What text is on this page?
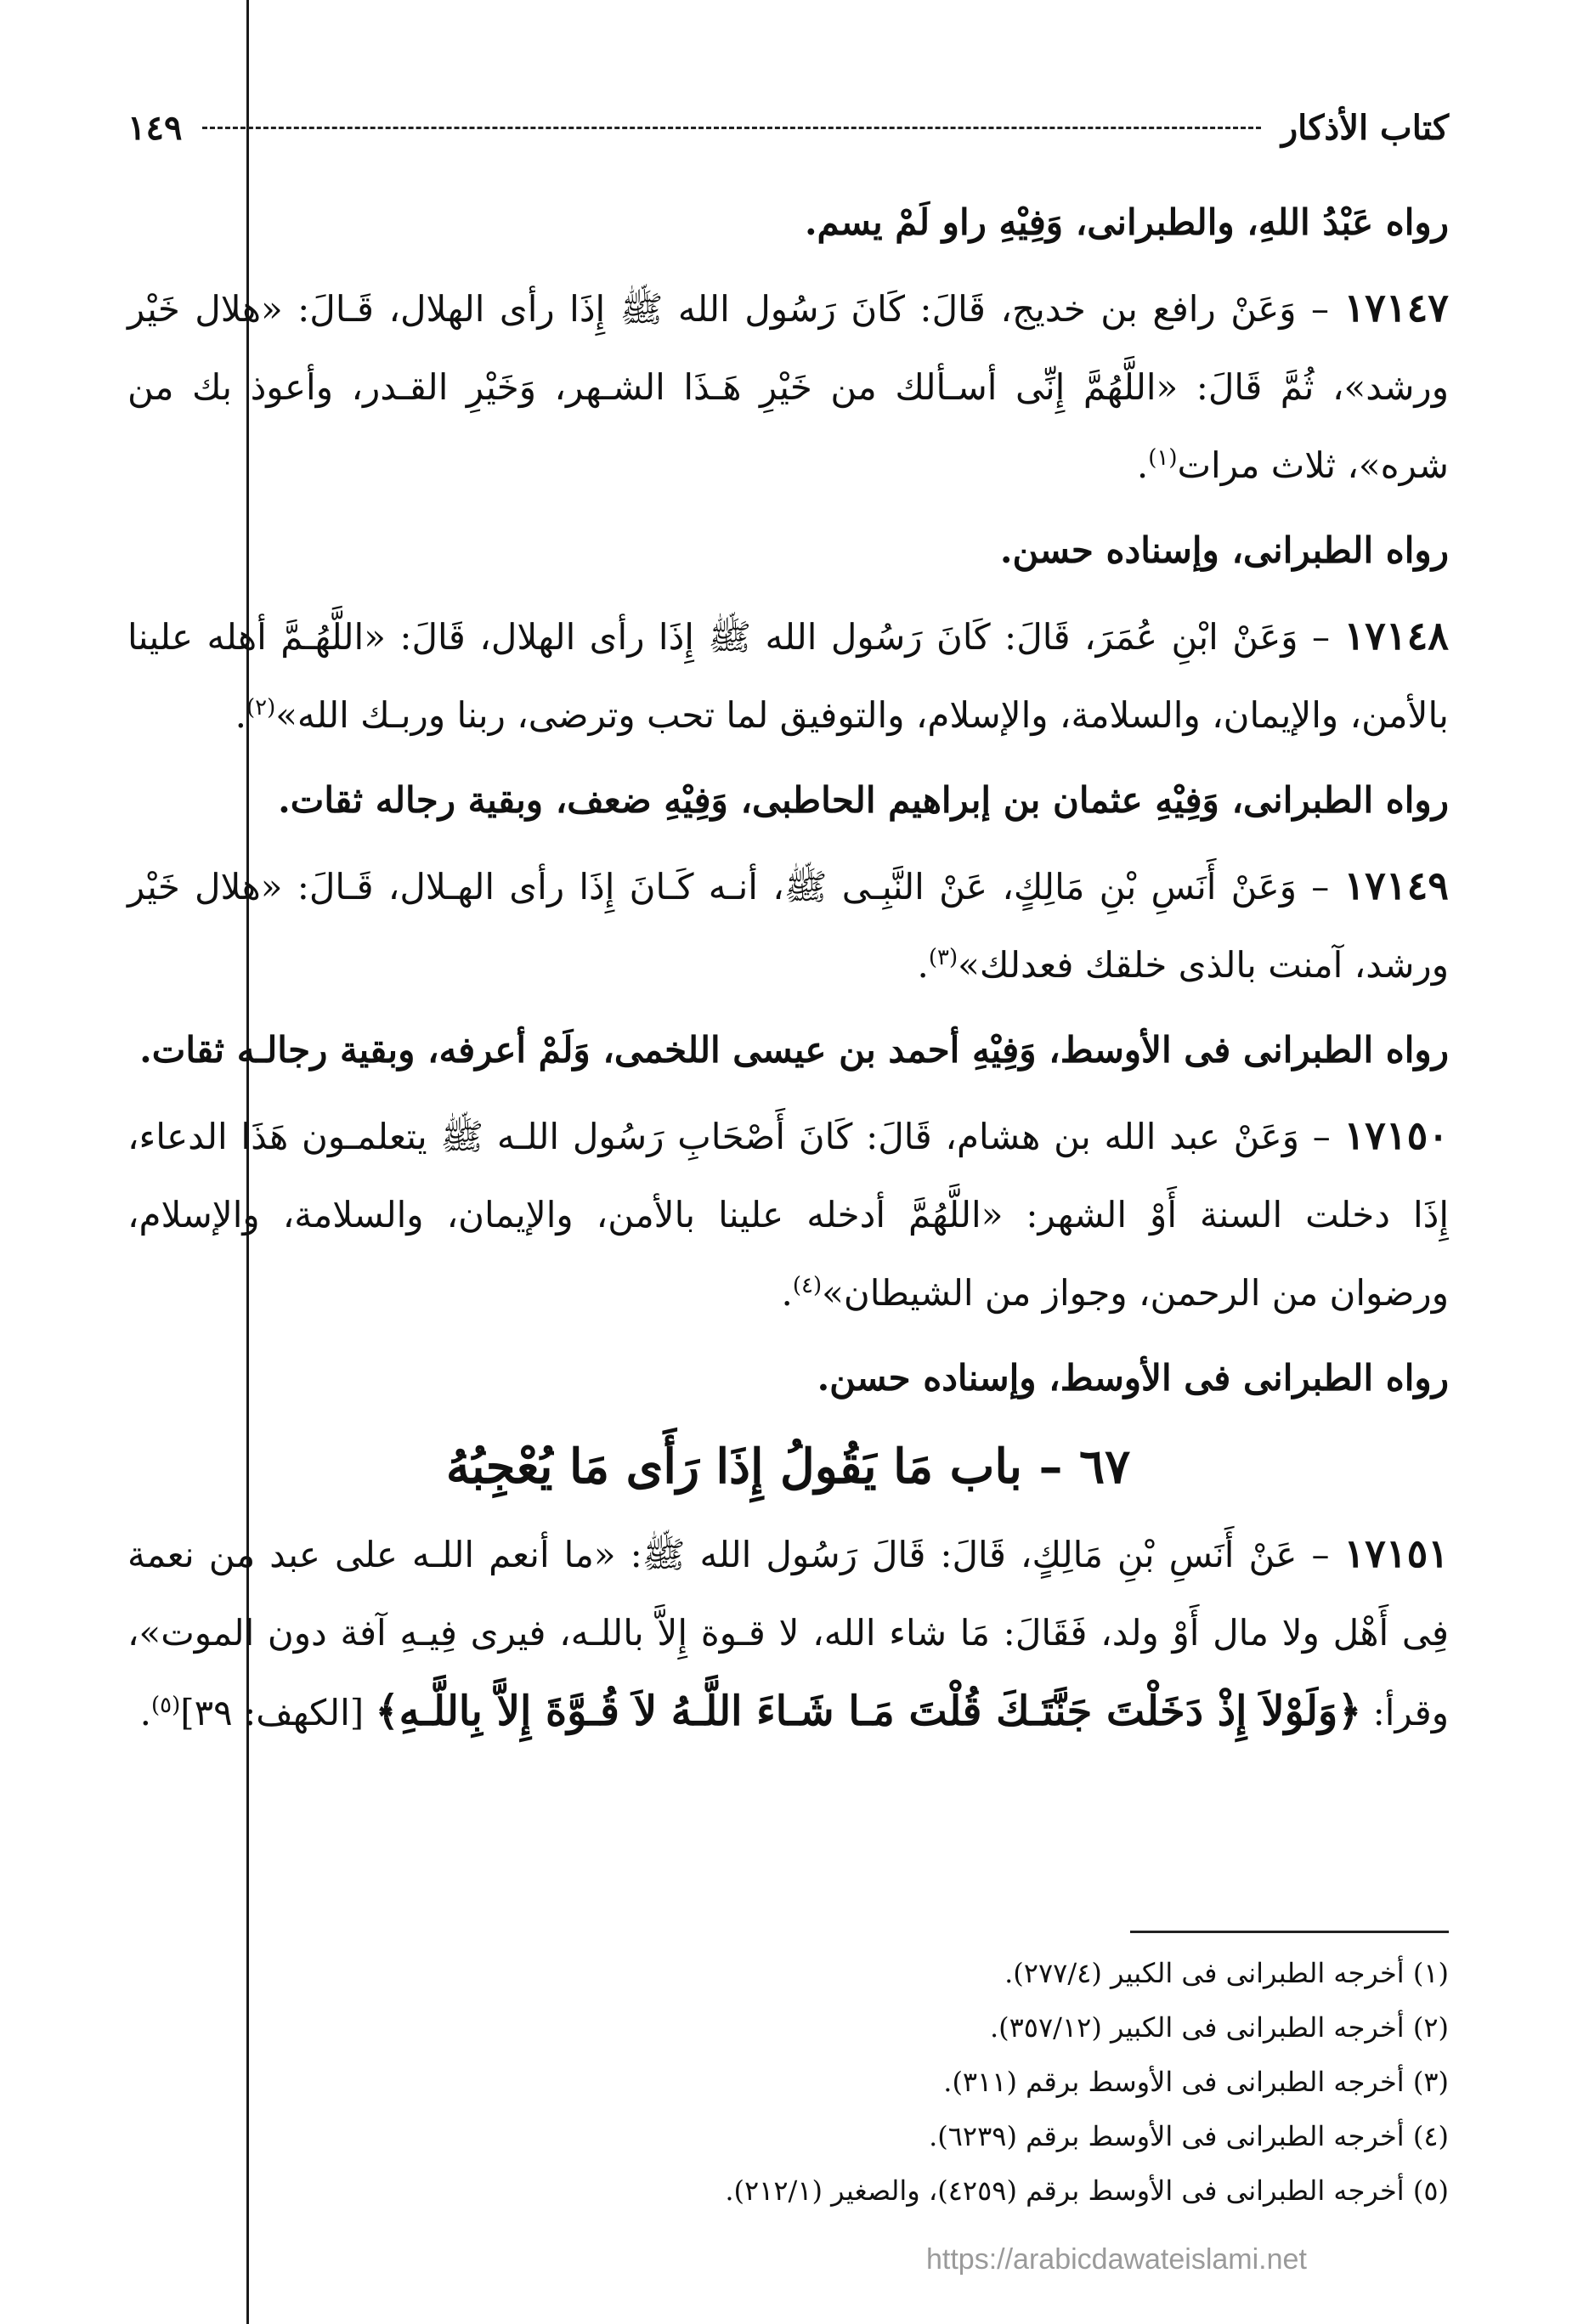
كتاب الأذكار
١٤٩

رواه عَبْدُ اللهِ، والطبرانى، وَفِيْهِ راو لَمْ يسم.

١٧١٤٧ – وَعَنْ رافع بن خديج، قَالَ: كَانَ رَسُول الله ﷺ إِذَا رأى الهلال، قَـالَ: «هلال خَيْر ورشد»، ثُمَّ قَالَ: «اللَّهُمَّ إِنِّى أسـألك من خَيْرِ هَـذَا الشـهر، وَخَيْرِ القـدر، وأعوذ بك من شره»، ثلاث مرات$^{(١)}$.

رواه الطبرانى، وإسناده حسن.

١٧١٤٨ – وَعَنْ ابْنِ عُمَرَ، قَالَ: كَانَ رَسُول الله ﷺ إِذَا رأى الهلال، قَالَ: «اللَّهُـمَّ أهله علينا بالأمن، والإيمان، والسلامة، والإسلام، والتوفيق لما تحب وترضى، ربنا وربـك الله»$^{(٢)}$.

رواه الطبرانى، وَفِيْهِ عثمان بن إبراهيم الحاطبى، وَفِيْهِ ضعف، وبقية رجاله ثقات.

١٧١٤٩ – وَعَنْ أَنَسِ بْنِ مَالِكٍ، عَنْ النَّبِـى ﷺ، أنـه كَـانَ إِذَا رأى الهـلال، قَـالَ: «هلال خَيْر ورشد، آمنت بالذى خلقك فعدلك»$^{(٣)}$.

رواه الطبرانى فى الأوسط، وَفِيْهِ أحمد بن عيسى اللخمى، وَلَمْ أعرفه، وبقية رجالـه ثقات.

١٧١٥٠ – وَعَنْ عبد الله بن هشام، قَالَ: كَانَ أَصْحَابِ رَسُول اللـه ﷺ يتعلمـون هَذَا الدعاء، إِذَا دخلت السنة أَوْ الشهر: «اللَّهُمَّ أدخله علينا بالأمن، والإيمان، والسلامة، والإسلام، ورضوان من الرحمن، وجواز من الشيطان»$^{(٤)}$.

رواه الطبرانى فى الأوسط، وإسناده حسن.

٦٧ – باب مَا يَقُولُ إِذَا رَأَى مَا يُعْجِبُهُ

١٧١٥١ – عَنْ أَنَسِ بْنِ مَالِكٍ، قَالَ: قَالَ رَسُول الله ﷺ: «ما أنعم اللـه على عبد من نعمة فِى أَهْل ولا مال أَوْ ولد، فَقَالَ: مَا شاء الله، لا قـوة إِلاَّ باللـه، فيرى فِيـهِ آفة دون الموت»، وقرأ: ﴿وَلَوْلاَ إِذْ دَخَلْتَ جَنَّتَـكَ قُلْتَ مَـا شَـاءَ اللَّـهُ لاَ قُـوَّةَ إِلاَّ بِاللَّـهِ﴾ [الكهف: ٣٩]$^{(٥)}$.

(١) أخرجه الطبرانى فى الكبير (٢٧٧/٤).

(٢) أخرجه الطبرانى فى الكبير (٣٥٧/١٢).

(٣) أخرجه الطبرانى فى الأوسط برقم (٣١١).

(٤) أخرجه الطبرانى فى الأوسط برقم (٦٢٣٩).

(٥) أخرجه الطبرانى فى الأوسط برقم (٤٢٥٩)، والصغير (٢١٢/١).

https://arabicdawateislami.net
